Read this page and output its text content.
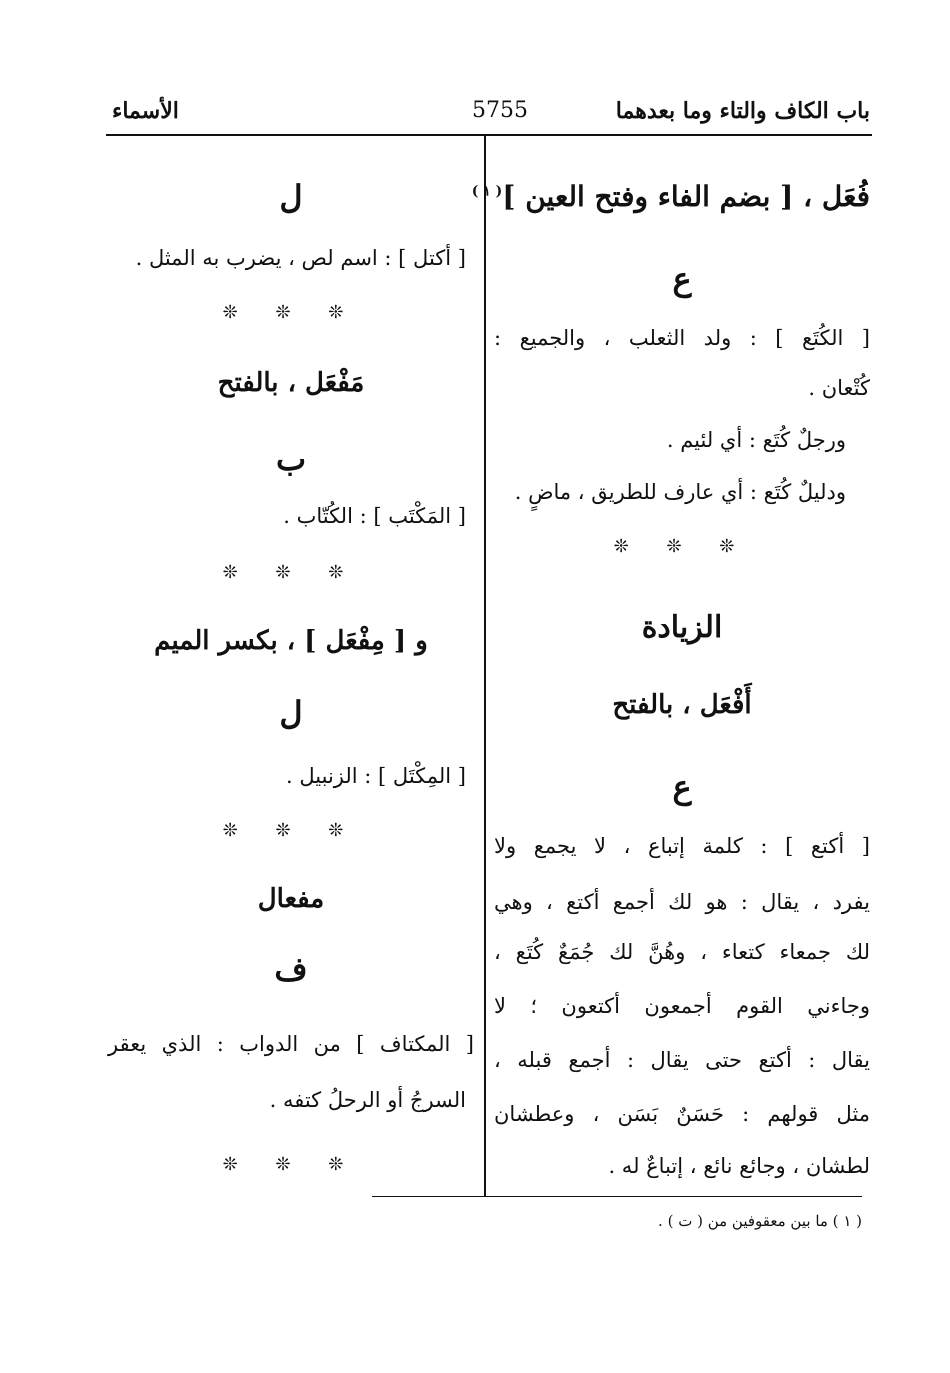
باب الكاف والتاء وما بعدهما
5755
الأسماء
فُعَل ، [ بضم الفاء وفتح العين ]$^{( ١ )}$
ع
[ الكُتَع ] : ولد الثعلب ، والجميع :
كُتْعان .
ورجلٌ كُتَع : أي لئيم .
ودليلٌ كُتَع : أي عارف للطريق ، ماضٍ .
❊ ❊ ❊
الزيادة
أَفْعَل ، بالفتح
ع
[ أكتع ] : كلمة إتباع ، لا يجمع ولا
يفرد ، يقال : هو لك أجمع أكتع ، وهي
لك جمعاء كتعاء ، وهُنَّ لك جُمَعٌ كُتَع ،
وجاءني القوم أجمعون أكتعون ؛ لا
يقال : أكتع حتى يقال : أجمع قبله ،
مثل قولهم : حَسَنٌ بَسَن ، وعطشان
لطشان ، وجائع نائع ، إتباعٌ له .
ل
[ أكتل ] : اسم لص ، يضرب به المثل .
❊ ❊ ❊
مَفْعَل ، بالفتح
ب
[ المَكْتَب ] : الكُتّاب .
❊ ❊ ❊
و [ مِفْعَل ] ، بكسر الميم
ل
[ المِكْتَل ] : الزنبيل .
❊ ❊ ❊
مفعال
ف
[ المكتاف ] من الدواب : الذي يعقر
السرجُ أو الرحلُ كتفه .
❊ ❊ ❊
( ١ ) ما بين معقوفين من ( ت ) .
